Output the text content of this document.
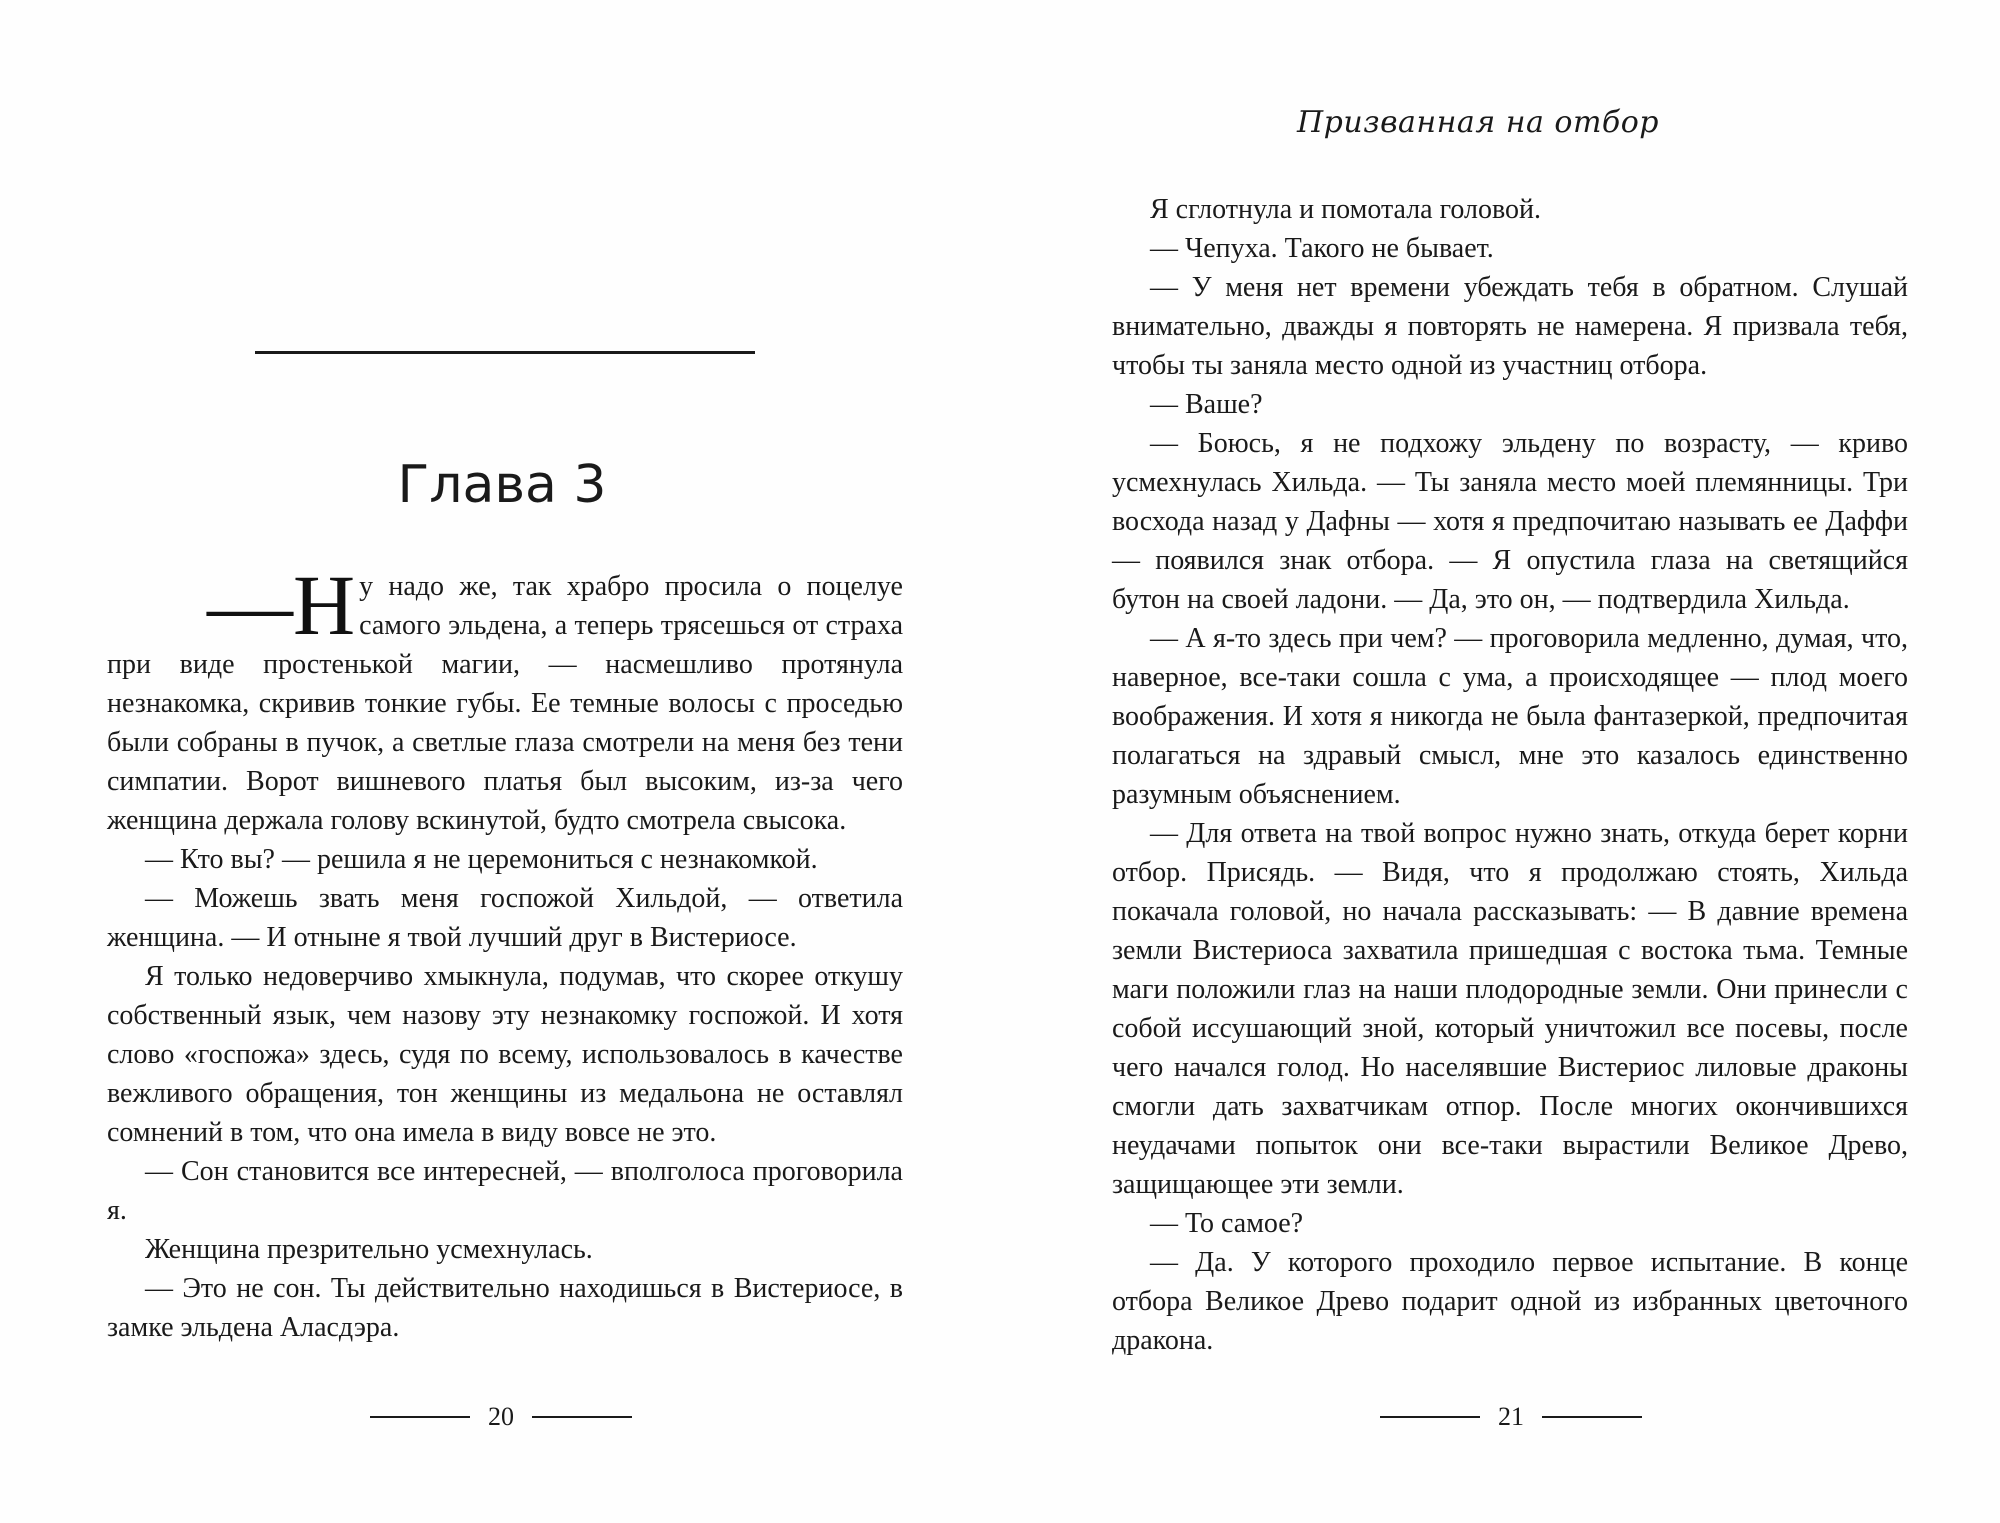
Глава 3

—Н у надо же, так храбро просила о поцелуе самого эльдена, а теперь трясешься от страха при виде простенькой магии, — насмешливо протянула незнакомка, скривив тонкие губы. Ее темные волосы с проседью были собраны в пучок, а светлые глаза смотрели на меня без тени симпатии. Ворот вишневого платья был высоким, из-за чего женщина держала голову вскинутой, будто смотрела свысока.

— Кто вы? — решила я не церемониться с незнакомкой.

— Можешь звать меня госпожой Хильдой, — ответила женщина. — И отныне я твой лучший друг в Вистериосе.

Я только недоверчиво хмыкнула, подумав, что скорее откушу собственный язык, чем назову эту незнакомку госпожой. И хотя слово «госпожа» здесь, судя по всему, использовалось в качестве вежливого обращения, тон женщины из медальона не оставлял сомнений в том, что она имела в виду вовсе не это.

— Сон становится все интересней, — вполголоса проговорила я.

Женщина презрительно усмехнулась.

— Это не сон. Ты действительно находишься в Вистериосе, в замке эльдена Аласдэра.

20
Призванная на отбор

Я сглотнула и помотала головой.

— Чепуха. Такого не бывает.

— У меня нет времени убеждать тебя в обратном. Слушай внимательно, дважды я повторять не намерена. Я призвала тебя, чтобы ты заняла место одной из участниц отбора.

— Ваше?

— Боюсь, я не подхожу эльдену по возрасту, — криво усмехнулась Хильда. — Ты заняла место моей племянницы. Три восхода назад у Дафны — хотя я предпочитаю называть ее Даффи — появился знак отбора. — Я опустила глаза на светящийся бутон на своей ладони. — Да, это он, — подтвердила Хильда.

— А я-то здесь при чем? — проговорила медленно, думая, что, наверное, все-таки сошла с ума, а происходящее — плод моего воображения. И хотя я никогда не была фантазеркой, предпочитая полагаться на здравый смысл, мне это казалось единственно разумным объяснением.

— Для ответа на твой вопрос нужно знать, откуда берет корни отбор. Присядь. — Видя, что я продолжаю стоять, Хильда покачала головой, но начала рассказывать: — В давние времена земли Вистериоса захватила пришедшая с востока тьма. Темные маги положили глаз на наши плодородные земли. Они принесли с собой иссушающий зной, который уничтожил все посевы, после чего начался голод. Но населявшие Вистериос лиловые драконы смогли дать захватчикам отпор. После многих окончившихся неудачами попыток они все-таки вырастили Великое Древо, защищающее эти земли.

— То самое?

— Да. У которого проходило первое испытание. В конце отбора Великое Древо подарит одной из избранных цветочного дракона.

21
